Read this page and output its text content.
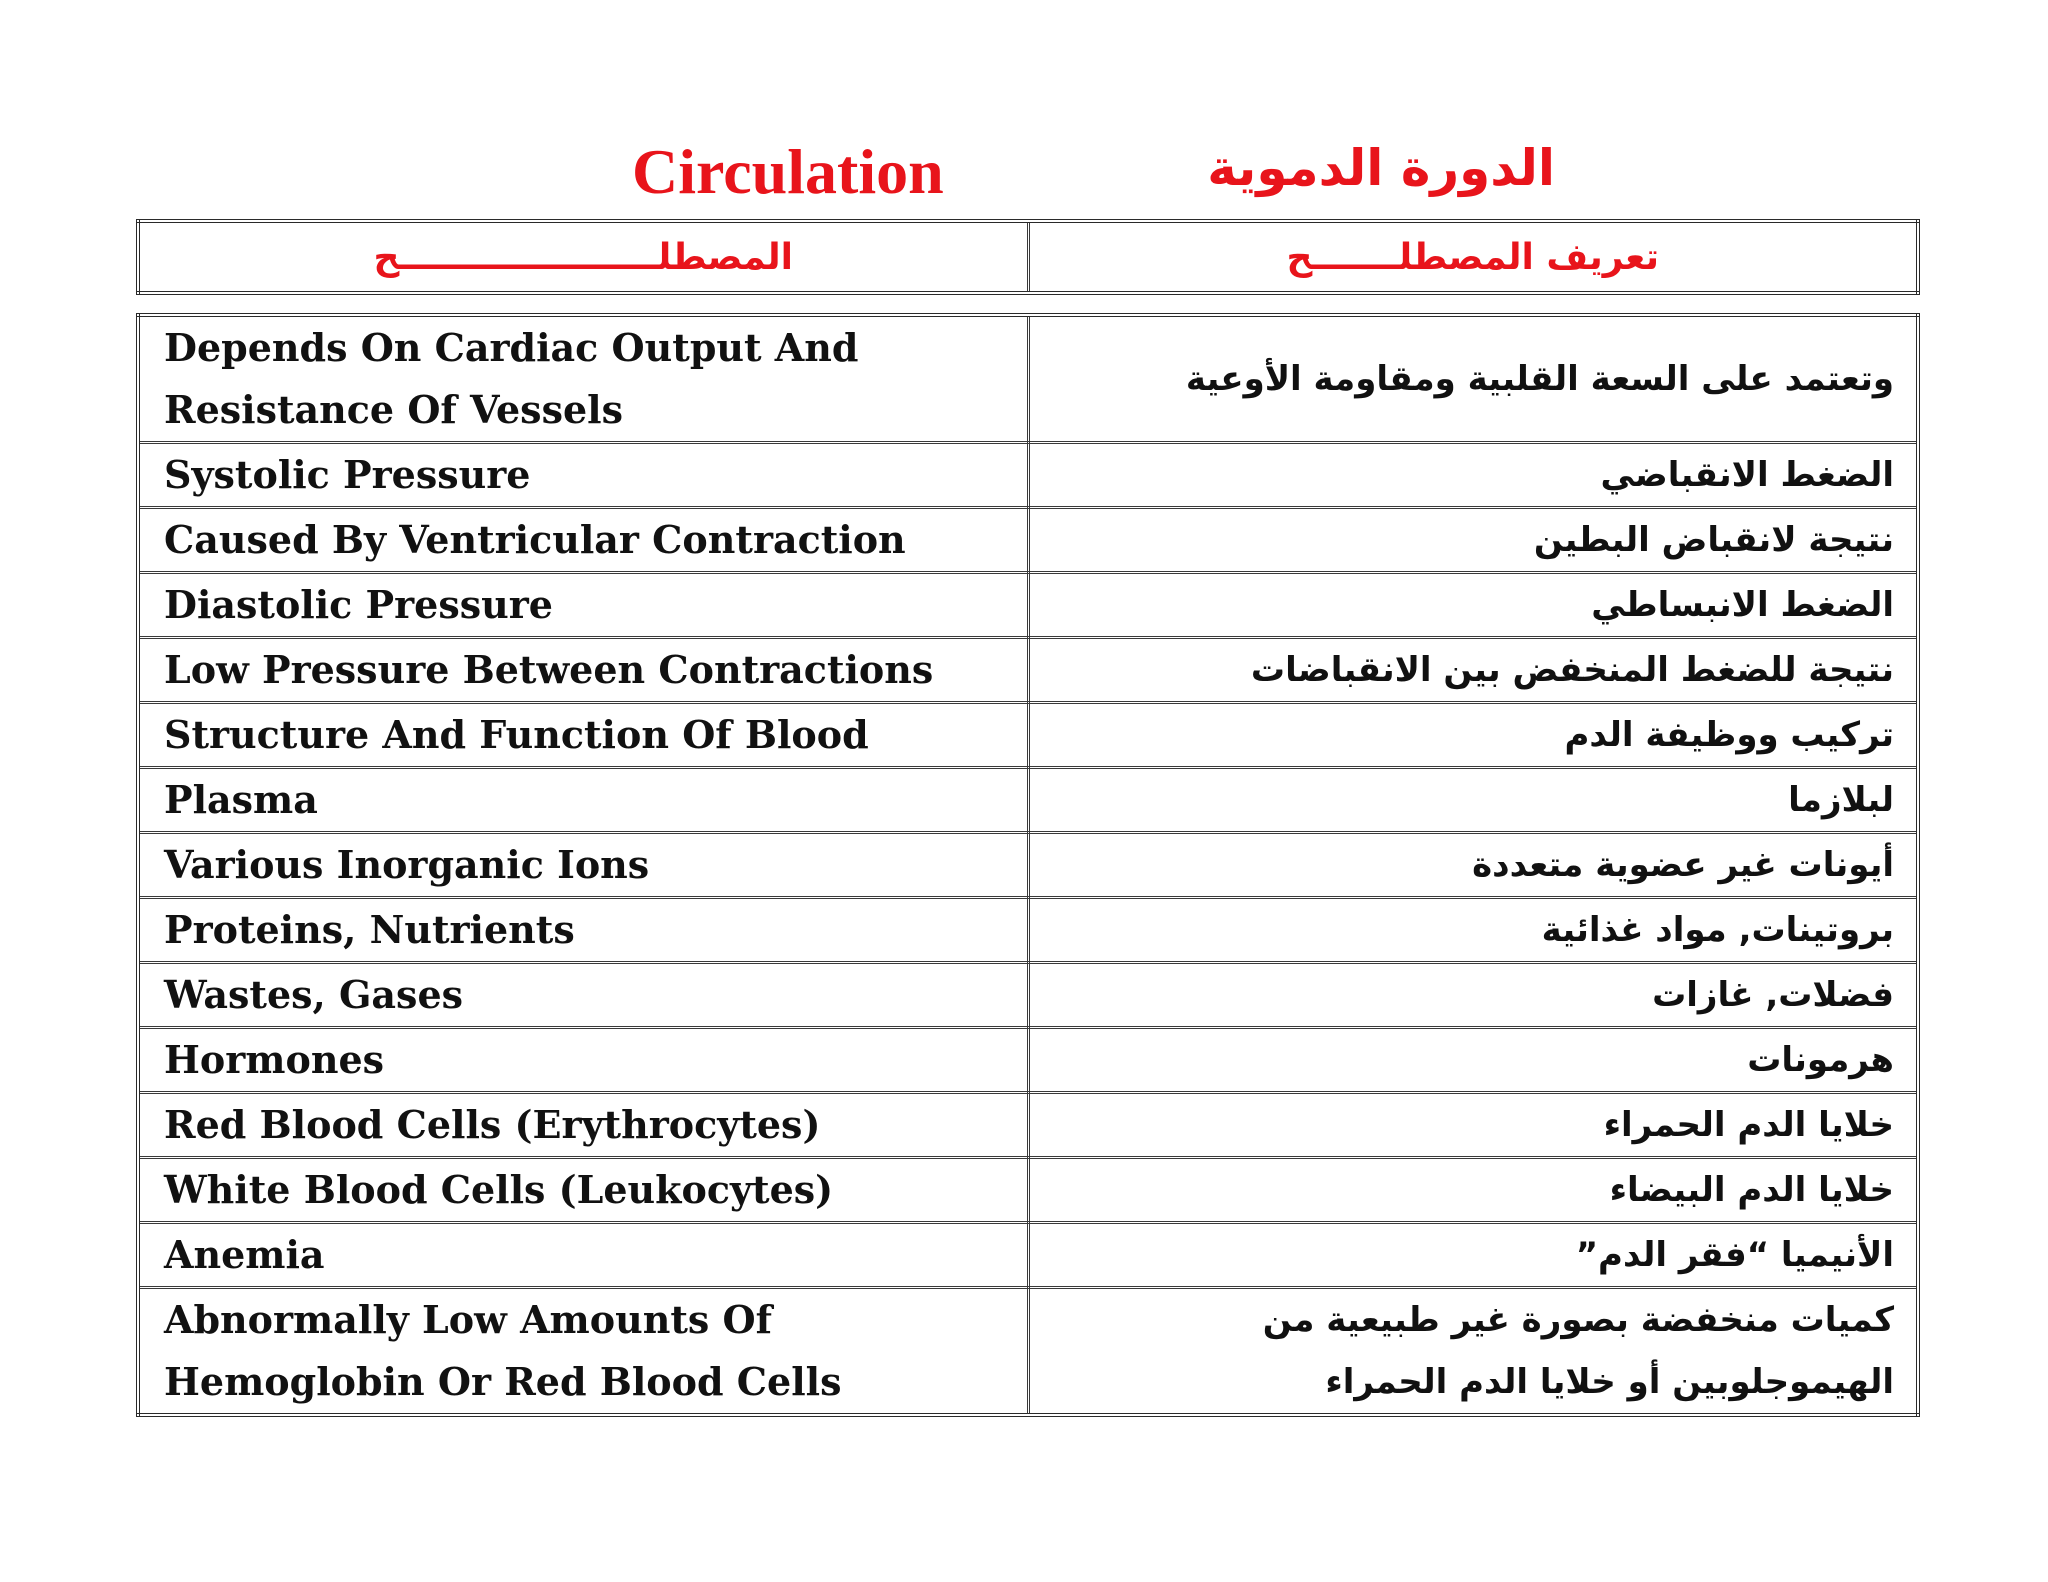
Circulation	الدورة الدموية
المصطلـــــــــــــــــــــح	تعريف المصطلـــــــح
Depends On Cardiac Output And Resistance Of Vessels	وتعتمد على السعة القلبية ومقاومة الأوعية
Systolic Pressure	الضغط الانقباضي
Caused By Ventricular Contraction	نتيجة لانقباض البطين
Diastolic Pressure	الضغط الانبساطي
Low Pressure Between Contractions	نتيجة للضغط المنخفض بين الانقباضات
Structure And Function Of Blood	تركيب ووظيفة الدم
Plasma	لبلازما
Various Inorganic Ions	أيونات غير عضوية متعددة
Proteins, Nutrients	بروتينات, مواد غذائية
Wastes, Gases	فضلات, غازات
Hormones	هرمونات
Red Blood Cells (Erythrocytes)	خلايا الدم الحمراء
White Blood Cells (Leukocytes)	خلايا الدم البيضاء
Anemia	الأنيميا “فقر الدم”
Abnormally Low Amounts Of Hemoglobin Or Red Blood Cells	كميات منخفضة بصورة غير طبيعية من الهيموجلوبين أو خلايا الدم الحمراء
